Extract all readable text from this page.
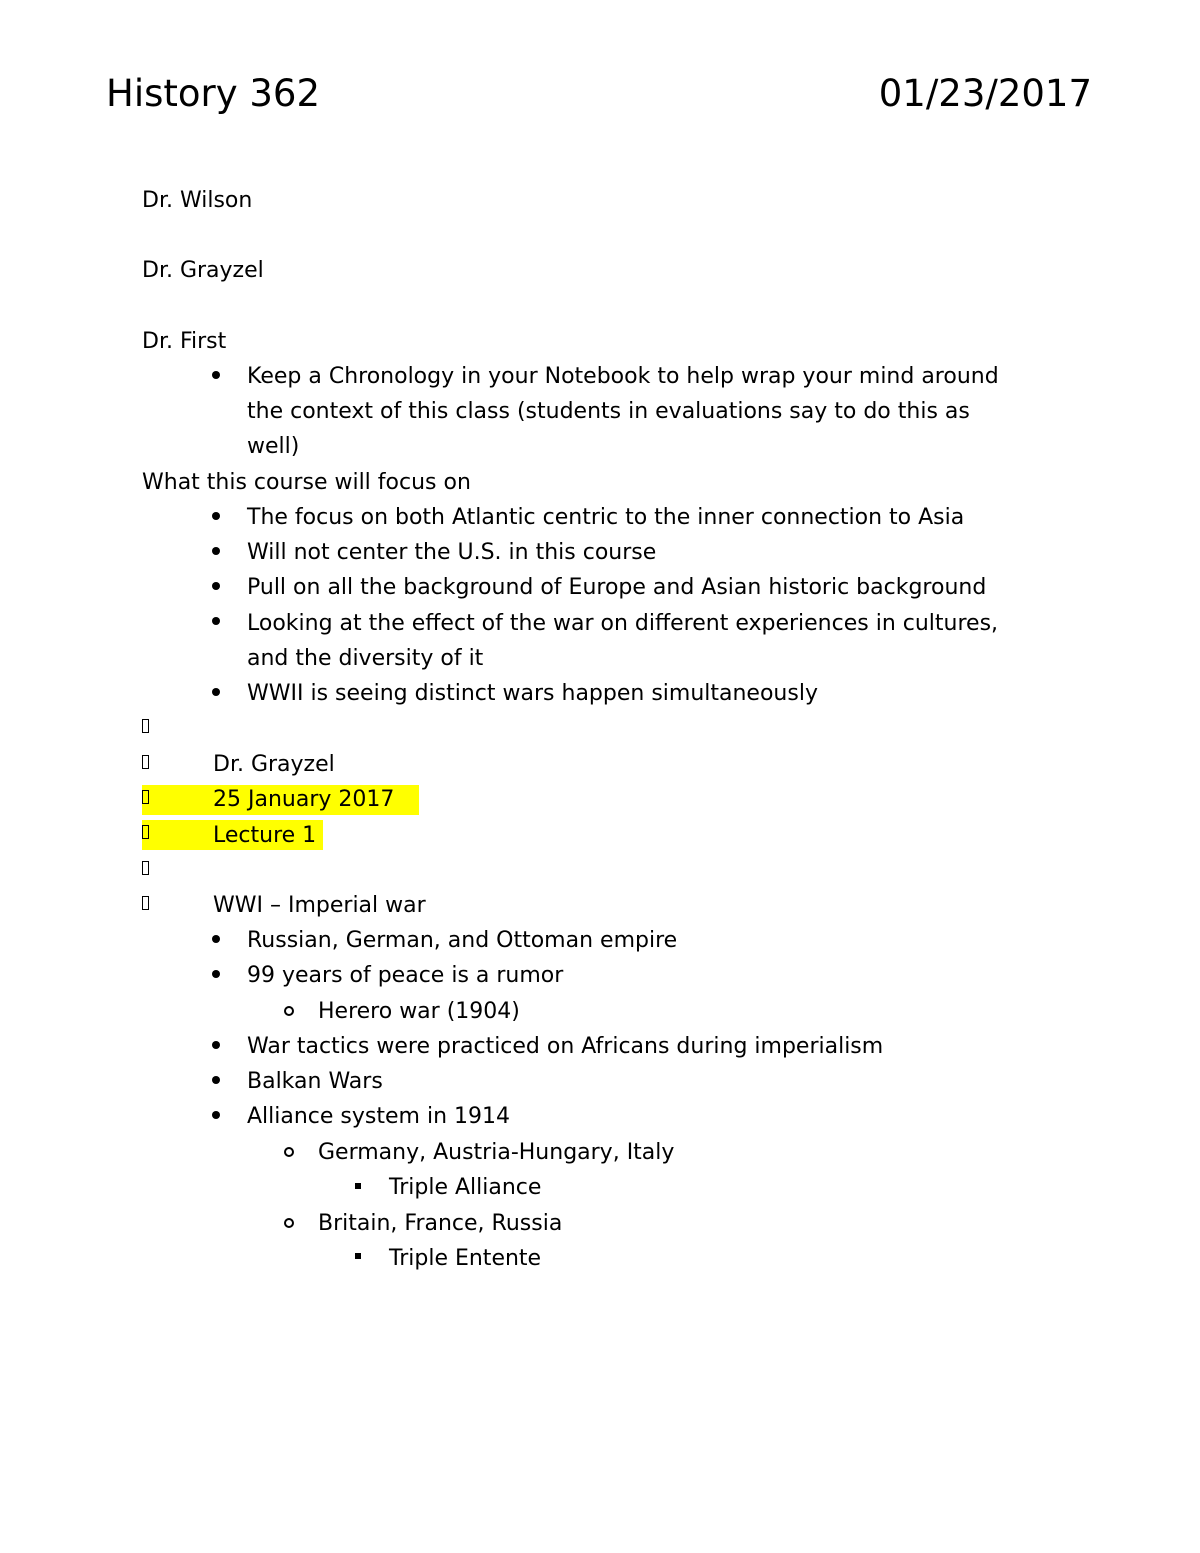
History 362	01/23/2017
Dr. Wilson
Dr. Grayzel
Dr. First
Keep a Chronology in your Notebook to help wrap your mind around
the context of this class (students in evaluations say to do this as
well)
What this course will focus on
The focus on both Atlantic centric to the inner connection to Asia
Will not center the U.S. in this course
Pull on all the background of Europe and Asian historic background
Looking at the effect of the war on different experiences in cultures,
and the diversity of it
WWII is seeing distinct wars happen simultaneously
Dr. Grayzel
25 January 2017
Lecture 1
WWI – Imperial war
Russian, German, and Ottoman empire
99 years of peace is a rumor
Herero war (1904)
War tactics were practiced on Africans during imperialism
Balkan Wars
Alliance system in 1914
Germany, Austria-Hungary, Italy
Triple Alliance
Britain, France, Russia
Triple Entente
